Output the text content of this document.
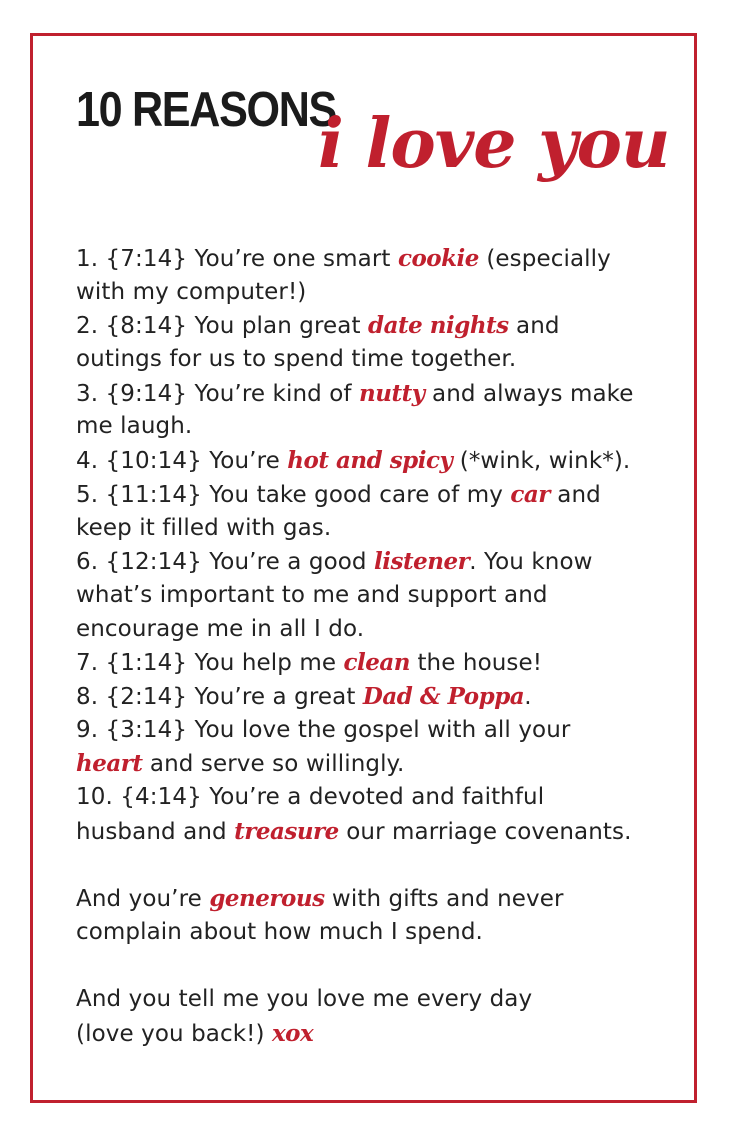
10 REASONS
i love you
1. {7:14} You’re one smart cookie (especially
with my computer!)
2. {8:14} You plan great date nights and
outings for us to spend time together.
3. {9:14} You’re kind of nutty and always make
me laugh.
4. {10:14} You’re hot and spicy (*wink, wink*).
5. {11:14} You take good care of my car and
keep it filled with gas.
6. {12:14} You’re a good listener. You know
what’s important to me and support and
encourage me in all I do.
7. {1:14} You help me clean the house!
8. {2:14} You’re a great Dad & Poppa.
9. {3:14} You love the gospel with all your
heart and serve so willingly.
10. {4:14} You’re a devoted and faithful
husband and treasure our marriage covenants.
And you’re generous with gifts and never
complain about how much I spend.
And you tell me you love me every day
(love you back!) xox
